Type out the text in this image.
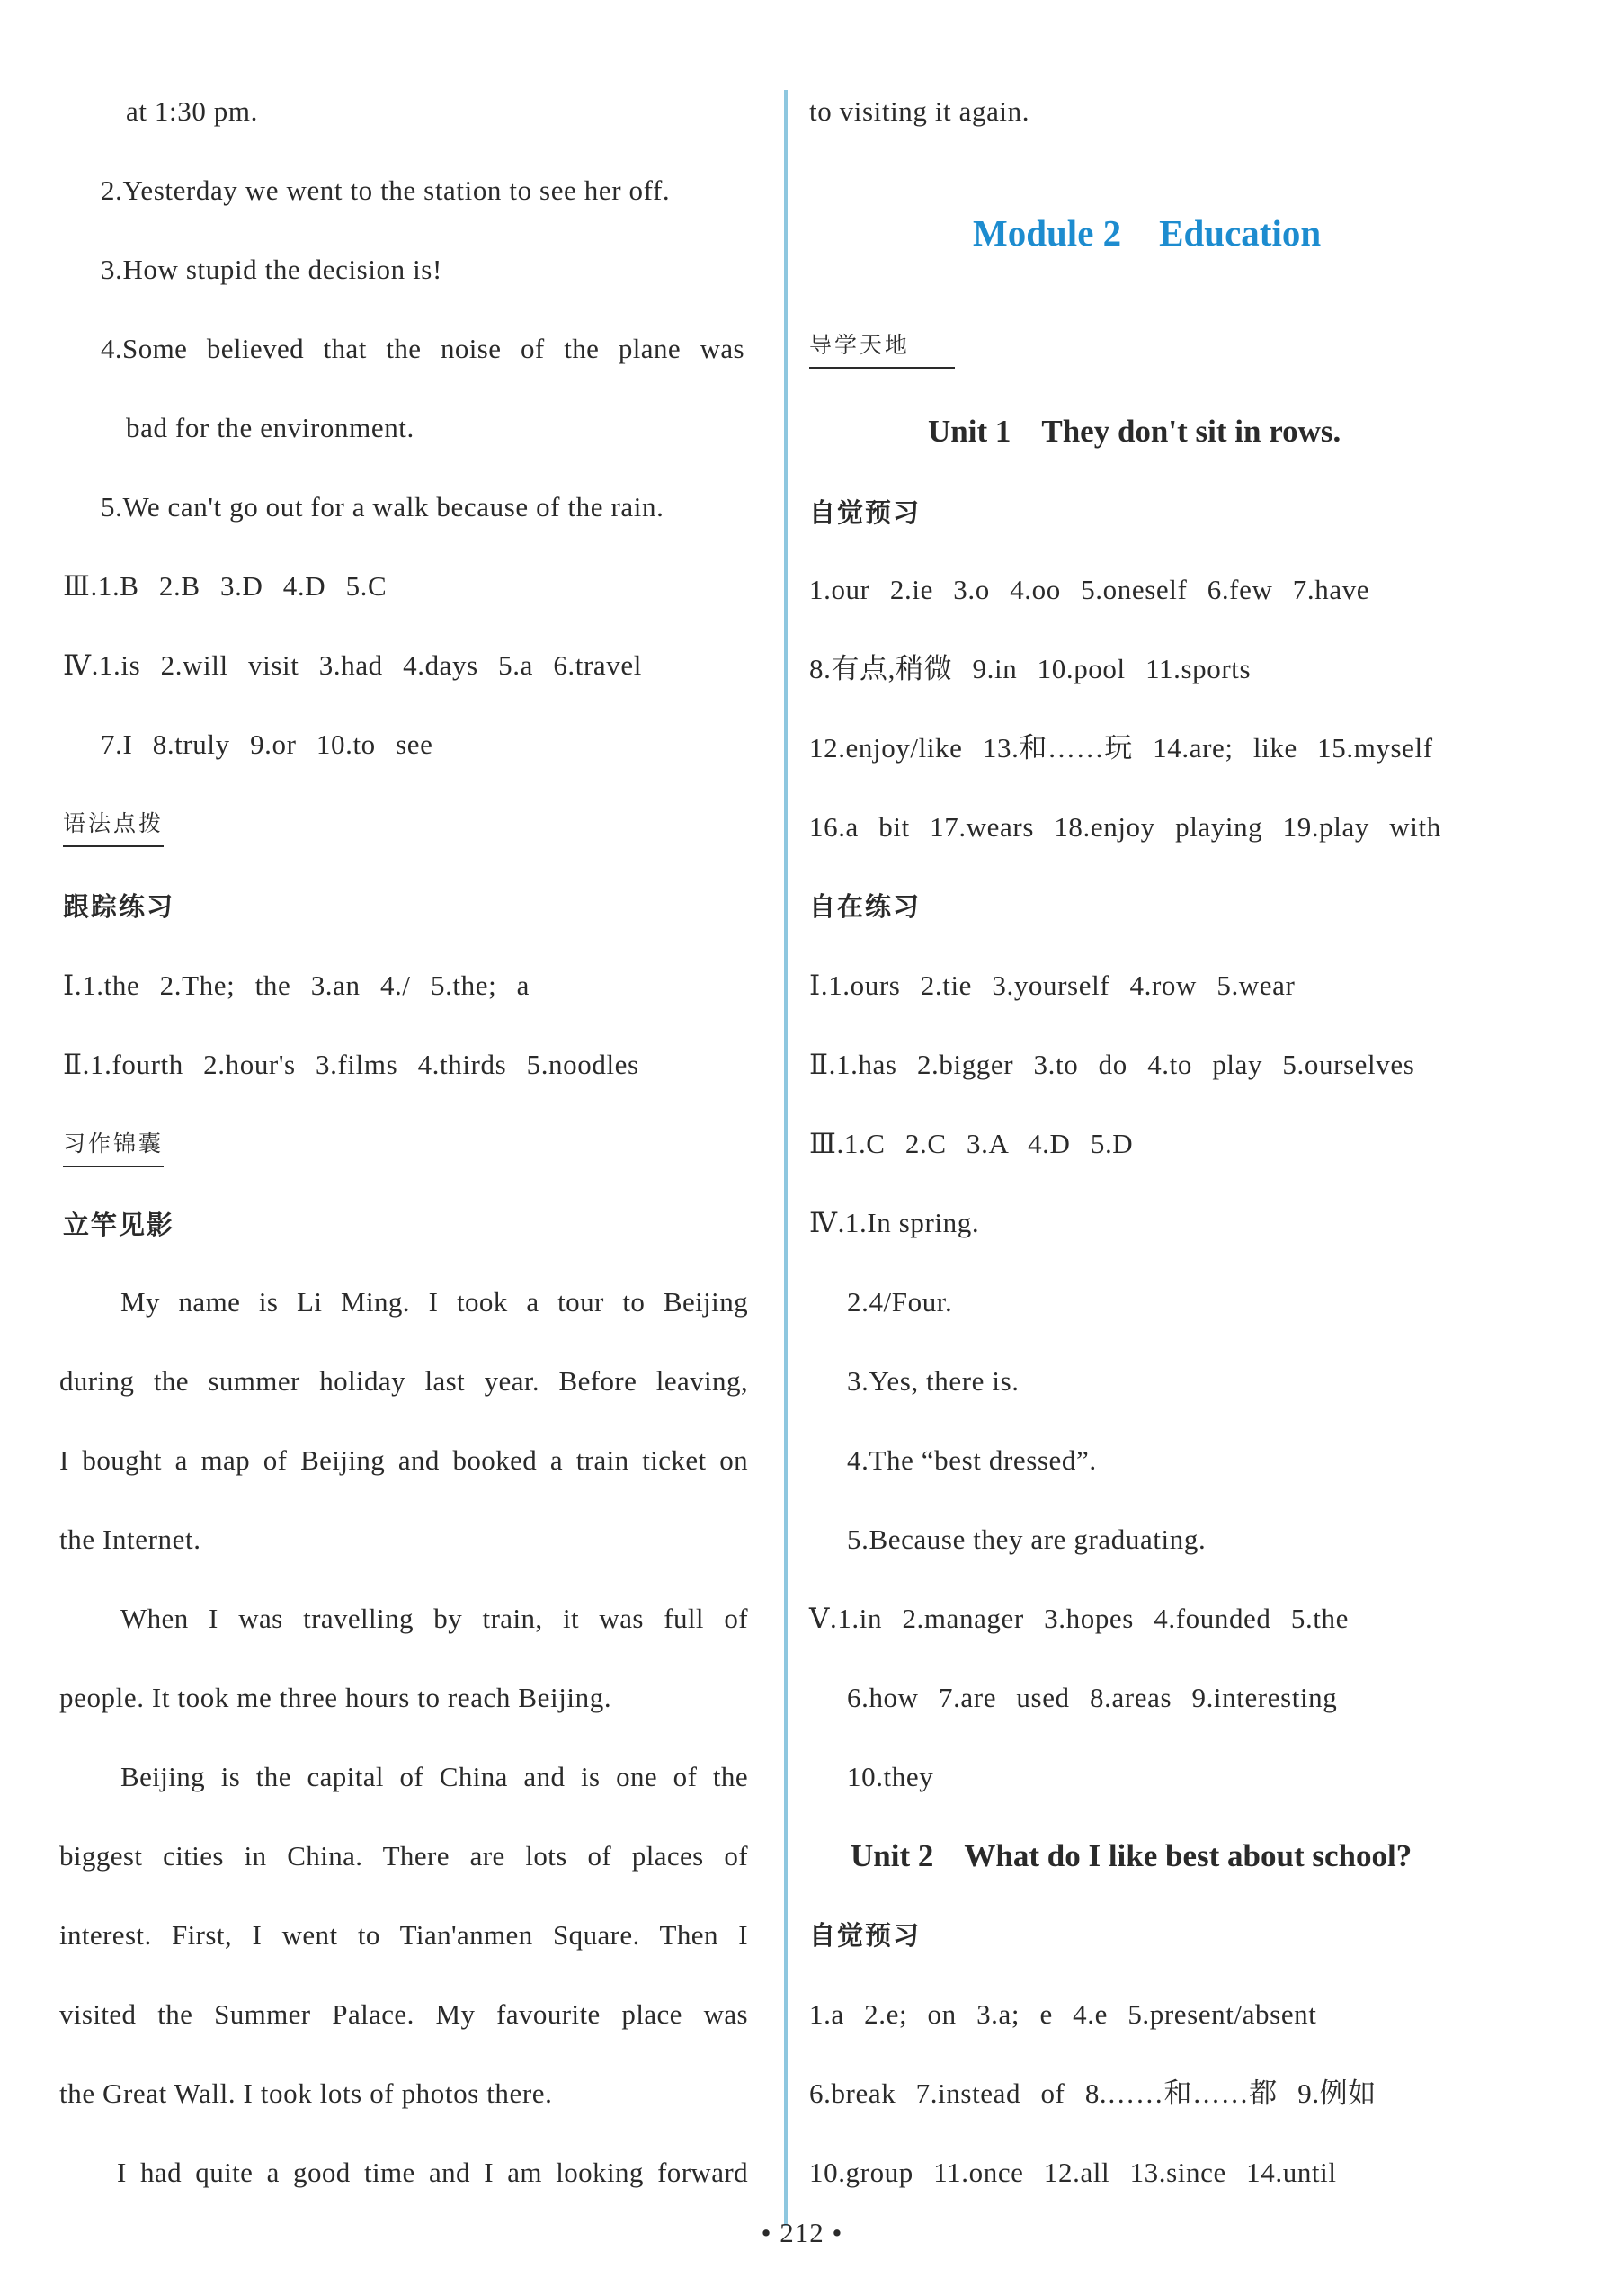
at 1:30 pm.
2.Yesterday we went to the station to see her off.
3.How stupid the decision is!
4.Some believed that the noise of the plane was
bad for the environment.
5.We can't go out for a walk because of the rain.
Ⅲ.1.B 2.B 3.D 4.D 5.C
Ⅳ.1.is 2.will visit 3.had 4.days 5.a 6.travel
7.I 8.truly 9.or 10.to see
语法点拨
跟踪练习
Ⅰ.1.the 2.The; the 3.an 4./ 5.the; a
Ⅱ.1.fourth 2.hour's 3.films 4.thirds 5.noodles
习作锦囊
立竿见影
My name is Li Ming. I took a tour to Beijing
during the summer holiday last year. Before leaving,
I bought a map of Beijing and booked a train ticket on
the Internet.
When I was travelling by train, it was full of
people. It took me three hours to reach Beijing.
Beijing is the capital of China and is one of the
biggest cities in China. There are lots of places of
interest. First, I went to Tian'anmen Square. Then I
visited the Summer Palace. My favourite place was
the Great Wall. I took lots of photos there.
I had quite a good time and I am looking forward
to visiting it again.
Module 2 Education
导学天地
Unit 1 They don't sit in rows.
自觉预习
1.our 2.ie 3.o 4.oo 5.oneself 6.few 7.have
8.有点,稍微 9.in 10.pool 11.sports
12.enjoy/like 13.和……玩 14.are; like 15.myself
16.a bit 17.wears 18.enjoy playing 19.play with
自在练习
Ⅰ.1.ours 2.tie 3.yourself 4.row 5.wear
Ⅱ.1.has 2.bigger 3.to do 4.to play 5.ourselves
Ⅲ.1.C 2.C 3.A 4.D 5.D
Ⅳ.1.In spring.
2.4/Four.
3.Yes, there is.
4.The “best dressed”.
5.Because they are graduating.
Ⅴ.1.in 2.manager 3.hopes 4.founded 5.the
6.how 7.are used 8.areas 9.interesting
10.they
Unit 2 What do I like best about school?
自觉预习
1.a 2.e; on 3.a; e 4.e 5.present/absent
6.break 7.instead of 8.……和……都 9.例如
10.group 11.once 12.all 13.since 14.until
• 212 •
